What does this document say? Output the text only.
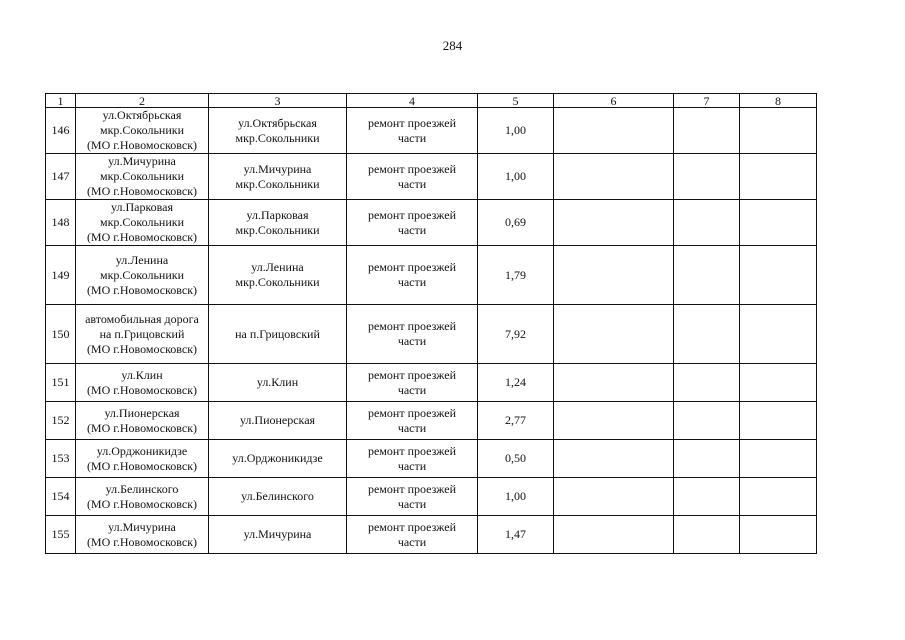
284
1	2	3	4	5	6	7	8
146	ул.Октябрьская
мкр.Сокольники
(МО г.Новомосковск)	ул.Октябрьская
мкр.Сокольники	ремонт проезжей
части	1,00			
147	ул.Мичурина
мкр.Сокольники
(МО г.Новомосковск)	ул.Мичурина
мкр.Сокольники	ремонт проезжей
части	1,00			
148	ул.Парковая
мкр.Сокольники
(МО г.Новомосковск)	ул.Парковая
мкр.Сокольники	ремонт проезжей
части	0,69			
149	ул.Ленина
мкр.Сокольники
(МО г.Новомосковск)	ул.Ленина
мкр.Сокольники	ремонт проезжей
части	1,79			
150	автомобильная дорога
на п.Грицовский
(МО г.Новомосковск)	на п.Грицовский	ремонт проезжей
части	7,92			
151	ул.Клин
(МО г.Новомосковск)	ул.Клин	ремонт проезжей
части	1,24			
152	ул.Пионерская
(МО г.Новомосковск)	ул.Пионерская	ремонт проезжей
части	2,77			
153	ул.Орджоникидзе
(МО г.Новомосковск)	ул.Орджоникидзе	ремонт проезжей
части	0,50			
154	ул.Белинского
(МО г.Новомосковск)	ул.Белинского	ремонт проезжей
части	1,00			
155	ул.Мичурина
(МО г.Новомосковск)	ул.Мичурина	ремонт проезжей
части	1,47			
